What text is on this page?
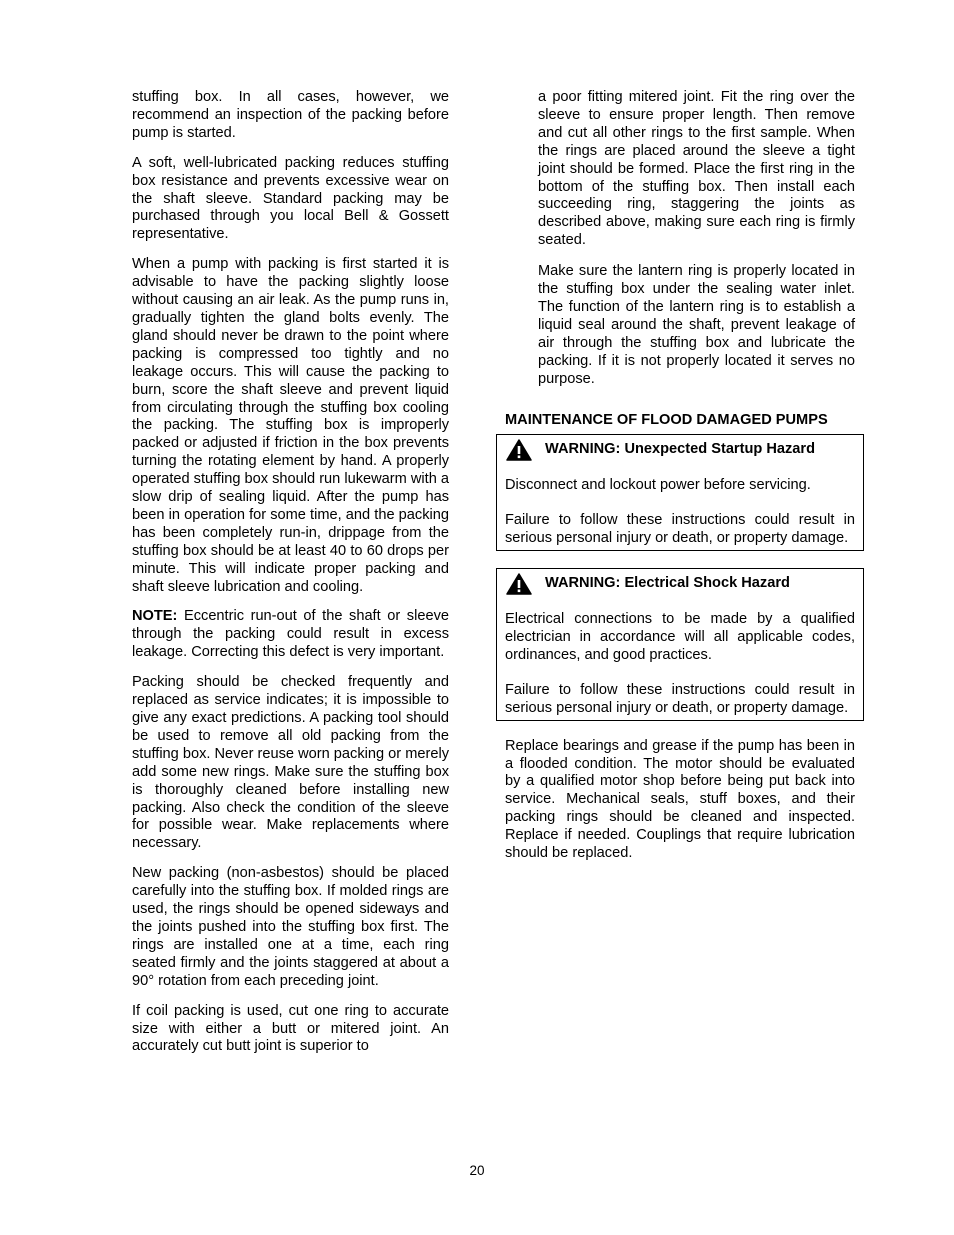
stuffing box. In all cases, however, we recommend an inspection of the packing before pump is started.

A soft, well-lubricated packing reduces stuffing box resistance and prevents excessive wear on the shaft sleeve. Standard packing may be purchased through you local Bell & Gossett representative.

When a pump with packing is first started it is advisable to have the packing slightly loose without causing an air leak. As the pump runs in, gradually tighten the gland bolts evenly. The gland should never be drawn to the point where packing is compressed too tightly and no leakage occurs. This will cause the packing to burn, score the shaft sleeve and prevent liquid from circulating through the stuffing box cooling the packing. The stuffing box is improperly packed or adjusted if friction in the box prevents turning the rotating element by hand. A properly operated stuffing box should run lukewarm with a slow drip of sealing liquid. After the pump has been in operation for some time, and the packing has been completely run-in, drippage from the stuffing box should be at least 40 to 60 drops per minute. This will indicate proper packing and shaft sleeve lubrication and cooling.

NOTE: Eccentric run-out of the shaft or sleeve through the packing could result in excess leakage. Correcting this defect is very important.

Packing should be checked frequently and replaced as service indicates; it is impossible to give any exact predictions. A packing tool should be used to remove all old packing from the stuffing box. Never reuse worn packing or merely add some new rings. Make sure the stuffing box is thoroughly cleaned before installing new packing. Also check the condition of the sleeve for possible wear. Make replacements where necessary.

New packing (non-asbestos) should be placed carefully into the stuffing box. If molded rings are used, the rings should be opened sideways and the joints pushed into the stuffing box first. The rings are installed one at a time, each ring seated firmly and the joints staggered at about a 90° rotation from each preceding joint.

If coil packing is used, cut one ring to accurate size with either a butt or mitered joint. An accurately cut butt joint is superior to

a poor fitting mitered joint. Fit the ring over the sleeve to ensure proper length. Then remove and cut all other rings to the first sample. When the rings are placed around the sleeve a tight joint should be formed. Place the first ring in the bottom of the stuffing box. Then install each succeeding ring, staggering the joints as described above, making sure each ring is firmly seated.

Make sure the lantern ring is properly located in the stuffing box under the sealing water inlet. The function of the lantern ring is to establish a liquid seal around the shaft, prevent leakage of air through the stuffing box and lubricate the packing. If it is not properly located it serves no purpose.

MAINTENANCE OF FLOOD DAMAGED PUMPS
WARNING: Unexpected Startup Hazard

Disconnect and lockout power before servicing.

Failure to follow these instructions could result in serious personal injury or death, or property damage.

WARNING: Electrical Shock Hazard

Electrical connections to be made by a qualified electrician in accordance will all applicable codes, ordinances, and good practices.

Failure to follow these instructions could result in serious personal injury or death, or property damage.

Replace bearings and grease if the pump has been in a flooded condition. The motor should be evaluated by a qualified motor shop before being put back into service. Mechanical seals, stuff boxes, and their packing rings should be cleaned and inspected. Replace if needed. Couplings that require lubrication should be replaced.

20
